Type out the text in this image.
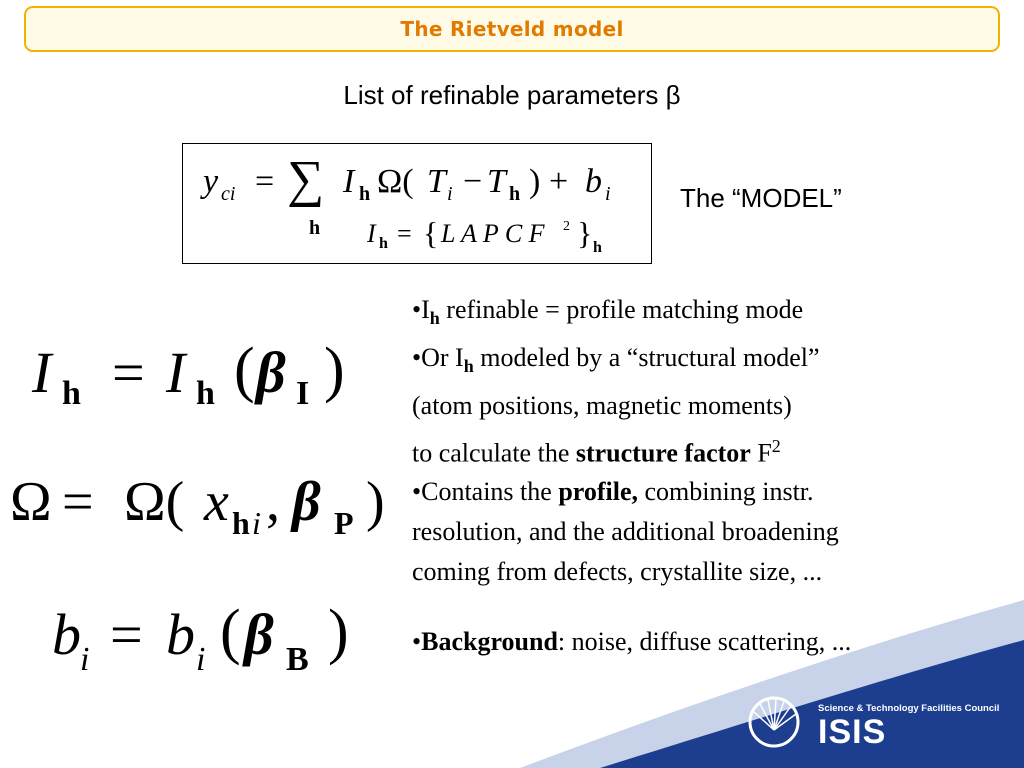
The Rietveld model
List of refinable parameters β
y ci = ∑
h
I h Ω( T i − T h ) + b i
I h = { L A P C F 2 } h
The “MODEL”
I h = I h ( β I )
Ω = Ω( x h i , β P )
b i = b i ( β B )

$•I_h$ refinable = profile matching mode

•Or $I_h$ modeled by a “structural model”

(atom positions, magnetic moments)

to calculate the structure factor $F^2$

•Contains the profile, combining instr.

resolution, and the additional broadening

coming from defects, crystallite size, ...

•Background: noise, diffuse scattering, ...

Science & Technology Facilities Council
ISIS
